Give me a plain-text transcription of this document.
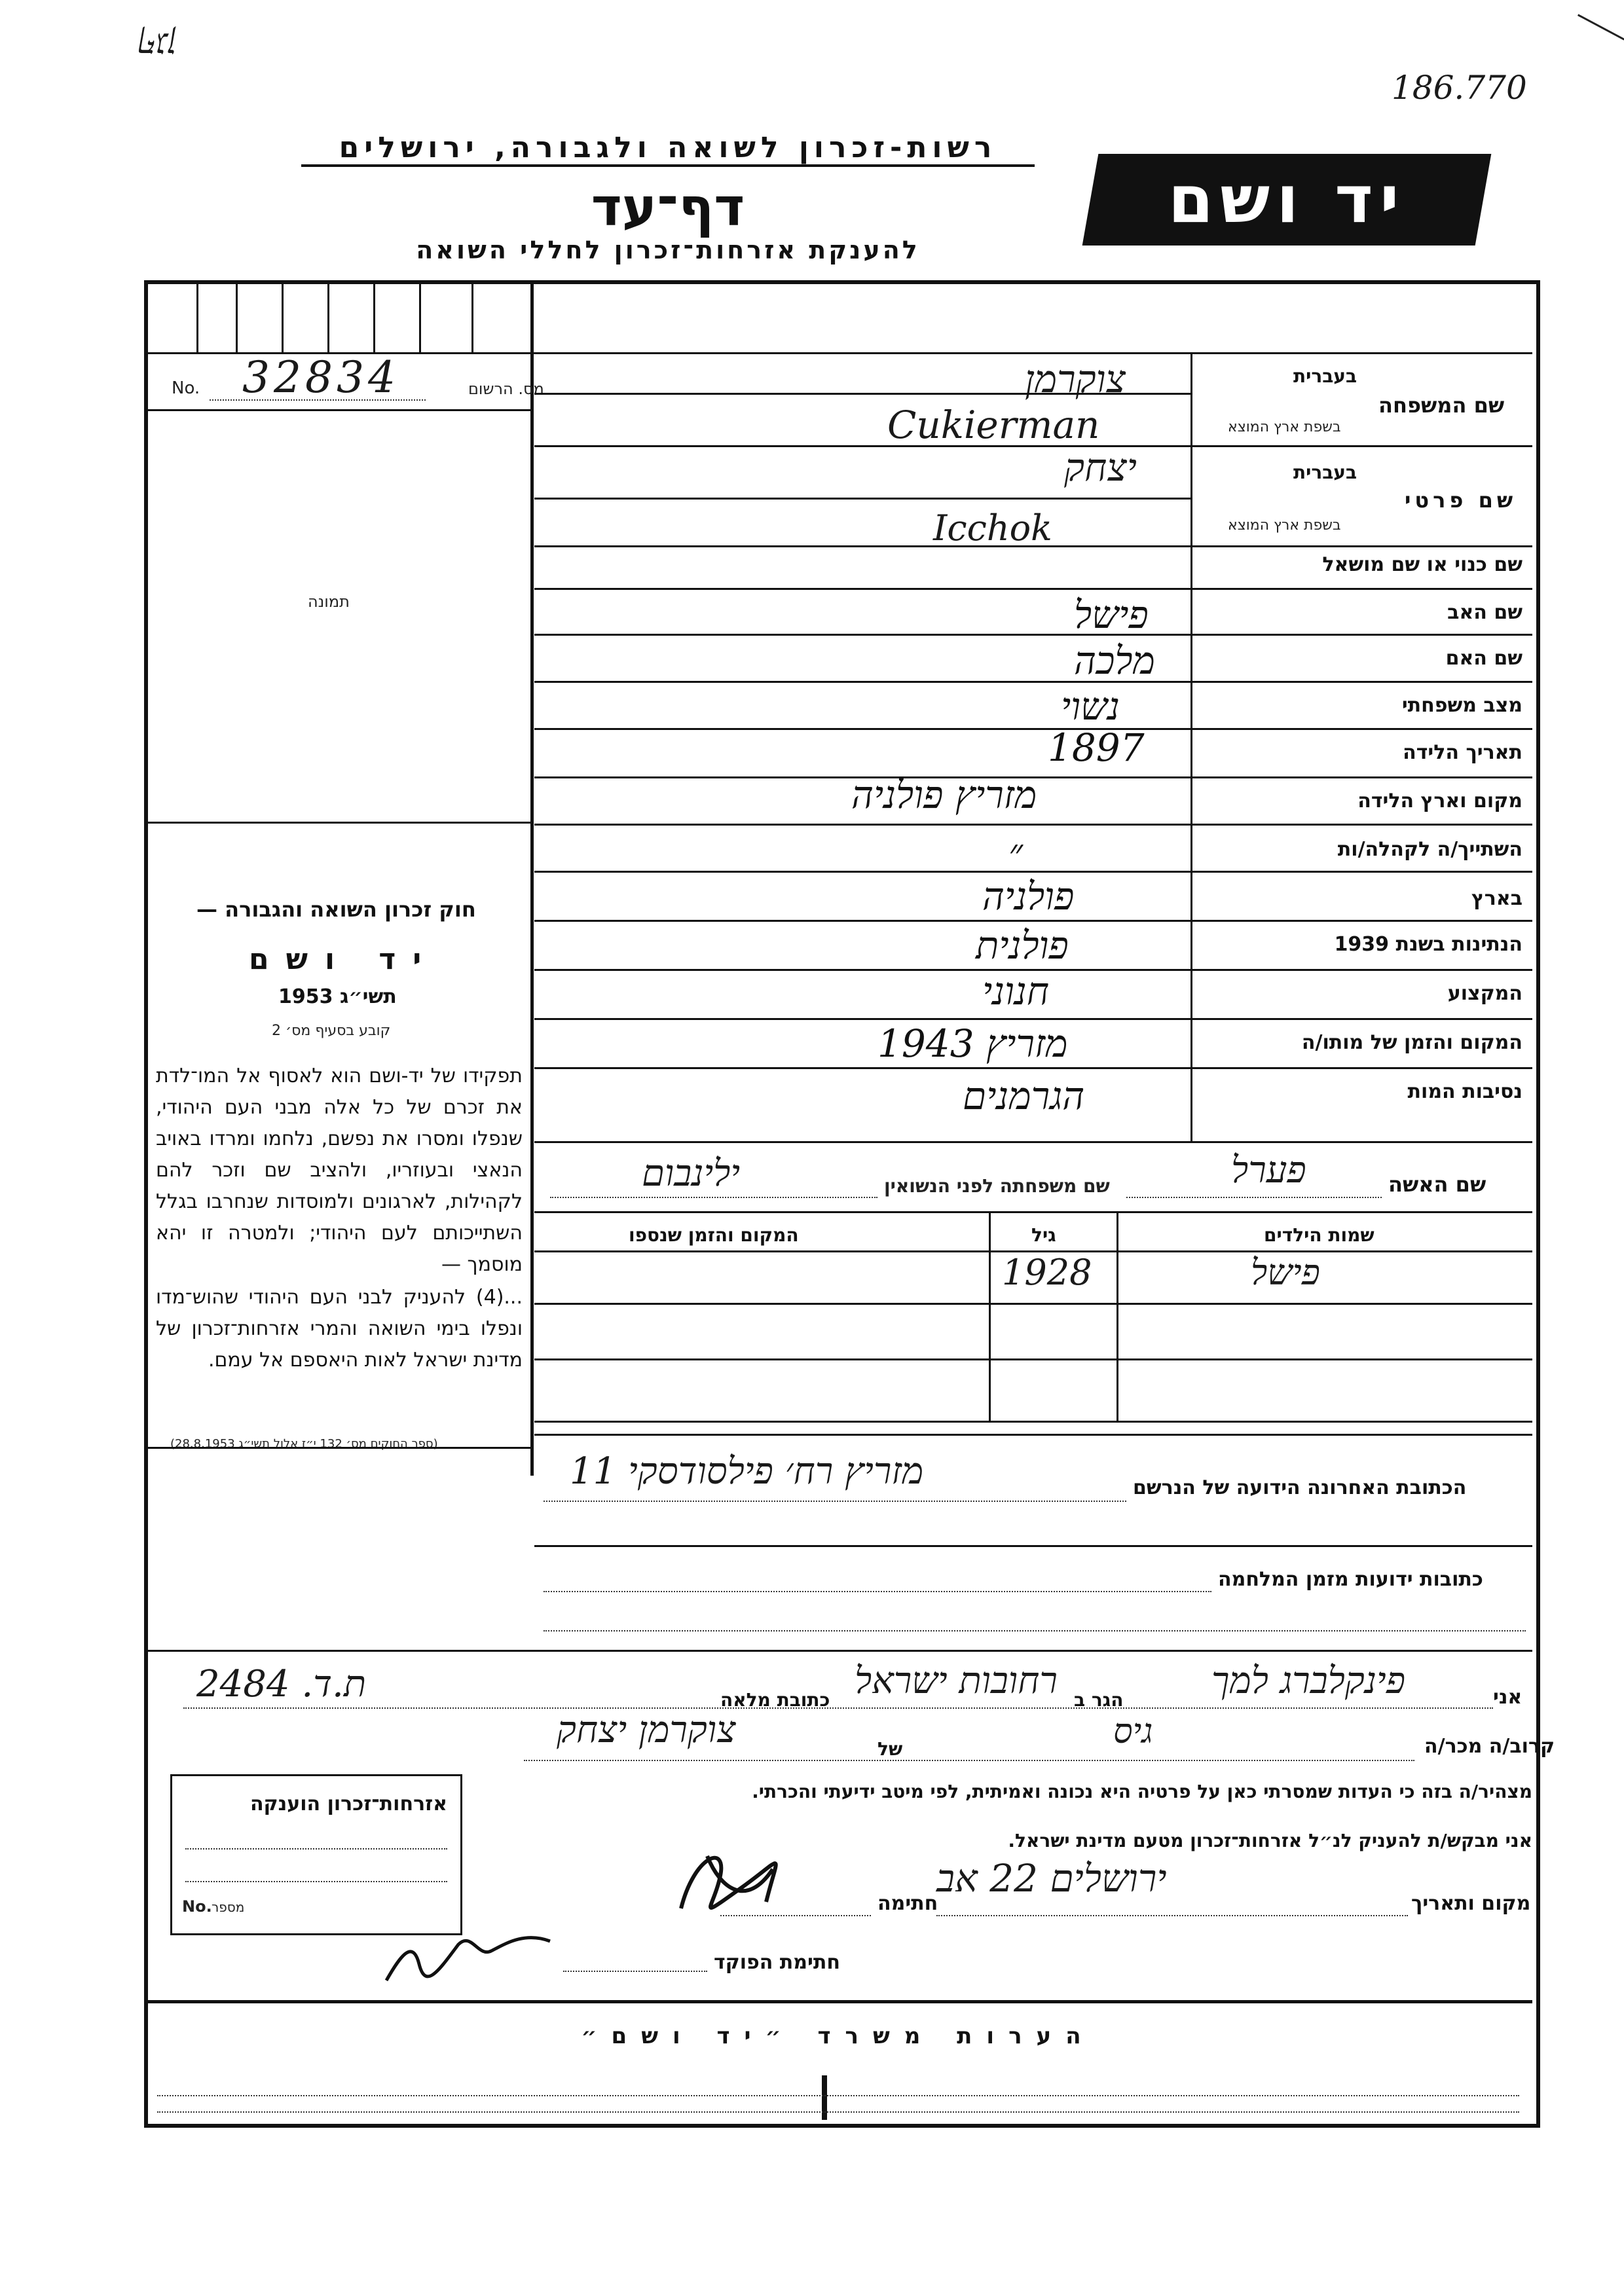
ףגן
186.770
רשות-זכרון לשואה ולגבורה, ירושלים
דף־עד
להענקת אזרחות־זכרון לחללי השואה
יד ושם
מס. הרשום
No. 32834
תמונה
חוק זכרון השואה והגבורה —
יד ושם
תשי״ג 1953
קובע בסעיף מס׳ 2
תפקידו של יד-ושם הוא לאסוף אל המו־לדת את זכרם של כל אלה מבני העם היהודי, שנפלו ומסרו את נפשם, נלחמו ומרדו באויב הנאצי ובעוזריו, ולהציב שם וזכר להם לקהילות, לארגונים ולמוסדות שנחרבו בגלל השתייכותם לעם היהודי; ולמטרה זו יהא מוסמך —
...(4) להעניק לבני העם היהודי שהוש־מדו ונפלו בימי השואה והמרי אזרחות־זכרון של מדינת ישראל לאות היאספם אל עמם.
(ספר החוקים מס׳ 132 י״ז אלול תשי״ג 28.8.1953)
בעברית
שם המשפחה
בשפת ארץ המוצא
צוקרמן
Cukierman
בעברית
שם פרטי
בשפת ארץ המוצא
יצחק
Icchok
שם כנוי או שם מושאל
שם האב
פישל
שם האם
מלכה
מצב משפחתי
נשוי
תאריך הלידה
1897
מקום וארץ הלידה
מזריץ פולניה
השתייך/ה לקהלה/ות
״
בארץ
פולניה
הנתינות בשנת 1939
פולנית
המקצוע
חנוני
המקום והזמן של מותו/ה
מזריץ 1943
נסיבות המות
הגרמנים
שם האשה
פערל
שם משפחתה לפני הנשואין
ילינבום
שמות הילדים
גיל
המקום והזמן שנספו
פישל
1928
הכתובת האחרונה הידועה של הנרשם
מזריץ רח׳ פילסודסקי 11
כתובות ידועות מזמן המלחמה
אני
פינקלברג למך
הגר ב
רחובות ישראל
כתובת מלאה
ת.ד. 2484
קרוב/ה מכר/ה
גיס
של
צוקרמן יצחק
מצהיר/ה בזה כי העדות שמסרתי כאן על פרטיה היא נכונה ואמיתית, לפי מיטב ידיעתי והכרתי.
אני מבקש/ת להעניק לנ״ל אזרחות־זכרון מטעם מדינת ישראל.
מקום ותאריך
ירושלים 22 אב
חתימה
אזרחות־זכרון הוענקה
No. מספר
חתימת הפוקד
הערות משרד ״יד ושם״
